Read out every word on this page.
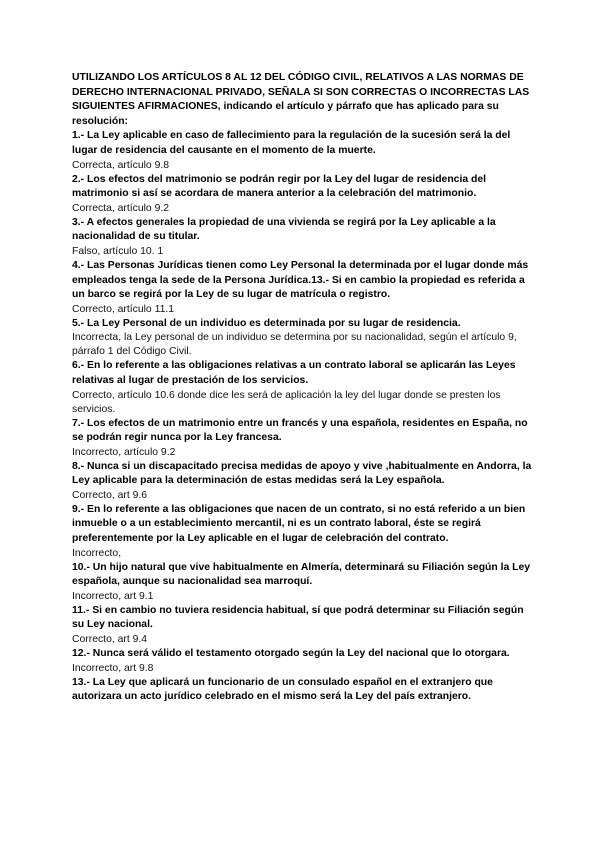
UTILIZANDO LOS ARTÍCULOS 8 AL 12 DEL CÓDIGO CIVIL, RELATIVOS A LAS NORMAS DE DERECHO INTERNACIONAL PRIVADO, SEÑALA SI SON CORRECTAS O INCORRECTAS LAS SIGUIENTES AFIRMACIONES, indicando el artículo y párrafo que has aplicado para su resolución:

1.- La Ley aplicable en caso de fallecimiento para la regulación de la sucesión será la del lugar de residencia del causante en el momento de la muerte.

Correcta, artículo 9.8

2.- Los efectos del matrimonio se podrán regir por la Ley del lugar de residencia del matrimonio si así se acordara de manera anterior a la celebración del matrimonio.

Correcta, artículo 9.2

3.- A efectos generales la propiedad de una vivienda se regirá por la Ley aplicable a la nacionalidad de su titular.

Falso, artículo 10. 1

4.- Las Personas Jurídicas tienen como Ley Personal la determinada por el lugar donde más empleados tenga la sede de la Persona Jurídica.13.- Si en cambio la propiedad es referida a un barco se regirá por la Ley de su lugar de matrícula o registro.

Correcto, artículo 11.1

5.- La Ley Personal de un individuo es determinada por su lugar de residencia.

Incorrecta, la Ley personal de un individuo se determina por su nacionalidad, según el artículo 9, párrafo 1 del Código Civil.

6.- En lo referente a las obligaciones relativas a un contrato laboral se aplicarán las Leyes relativas al lugar de prestación de los servicios.

Correcto, artículo 10.6 donde dice les será de aplicación la ley del lugar donde se presten los servicios.

7.- Los efectos de un matrimonio entre un francés y una española, residentes en España, no se podrán regir nunca por la Ley francesa.

Incorrecto, artículo 9.2

8.- Nunca si un discapacitado precisa medidas de apoyo y vive ,habitualmente en Andorra, la Ley aplicable para la determinación de estas medidas será la Ley española.

Correcto, art 9.6

9.- En lo referente a las obligaciones que nacen de un contrato, si no está referido a un bien inmueble o a un establecimiento mercantil, ni es un contrato laboral, éste se regirá preferentemente por la Ley aplicable en el lugar de celebración del contrato.

Incorrecto,

10.- Un hijo natural que vive habitualmente en Almería, determinará su Filiación según la Ley española, aunque su nacionalidad sea marroquí.

Incorrecto, art 9.1

11.- Si en cambio no tuviera residencia habitual, sí que podrá determinar su Filiación según su Ley nacional.

Correcto, art 9.4

12.- Nunca será válido el testamento otorgado según la Ley del nacional que lo otorgara.

Incorrecto, art 9.8

13.- La Ley que aplicará un funcionario de un consulado español en el extranjero que autorizara un acto jurídico celebrado en el mismo será la Ley del país extranjero.
